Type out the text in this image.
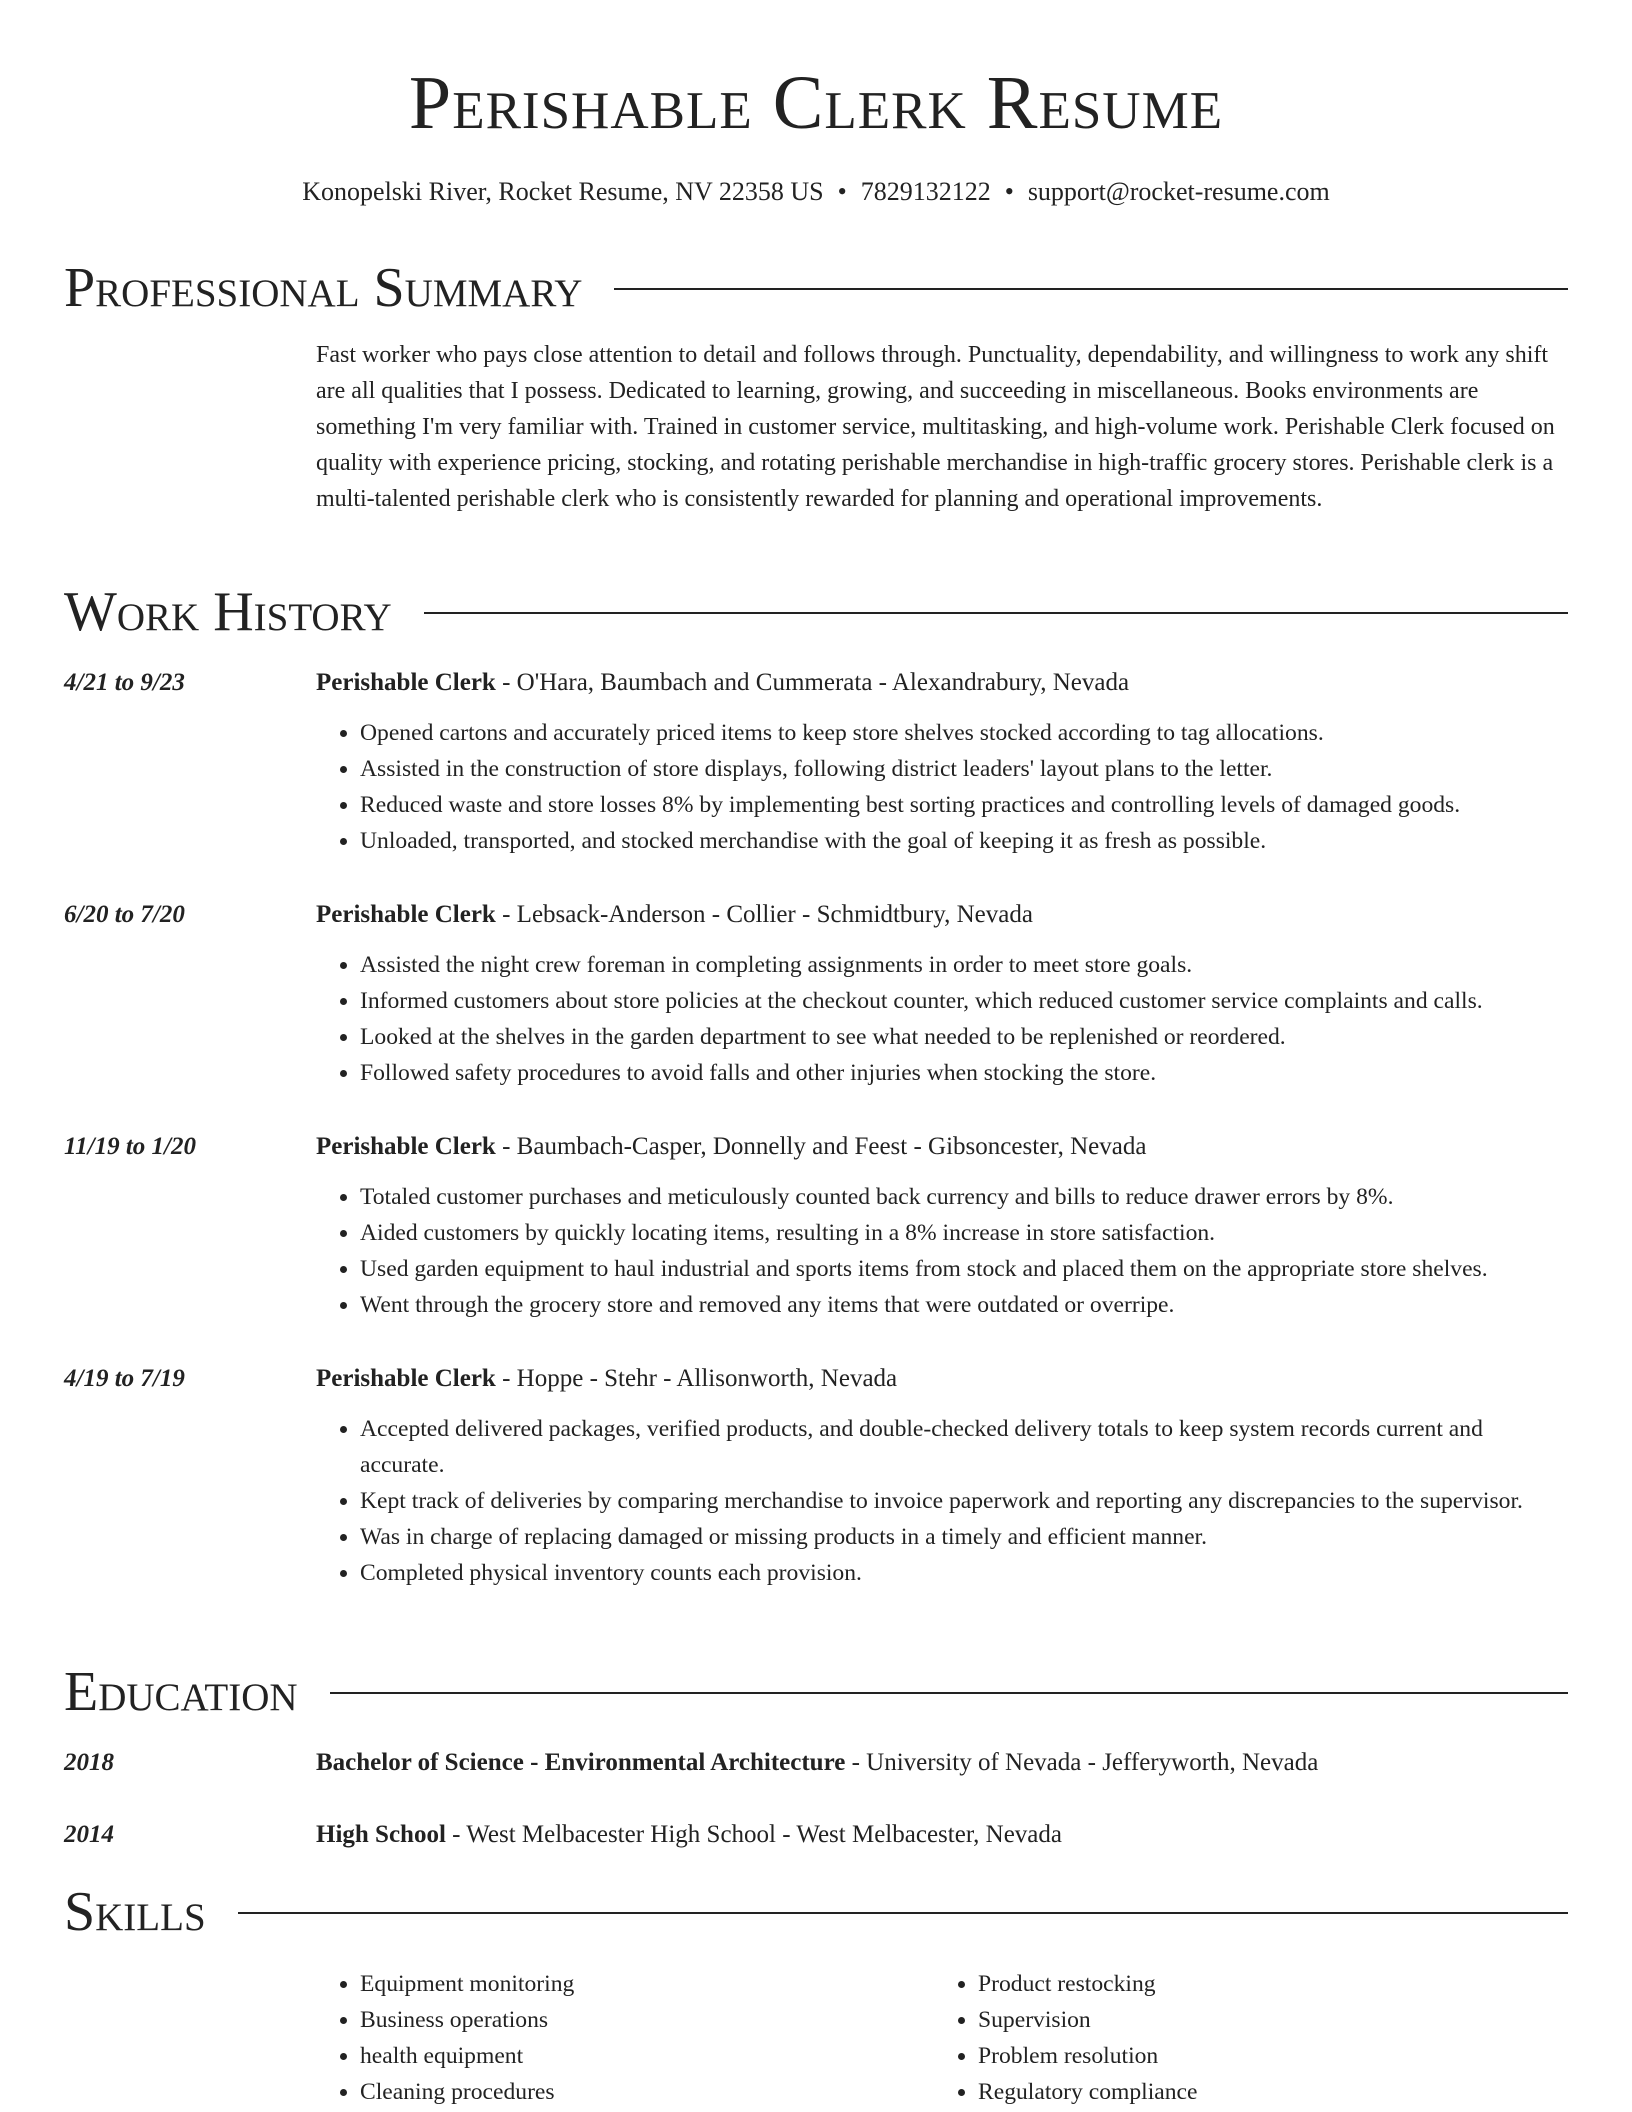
Perishable Clerk Resume
Konopelski River, Rocket Resume, NV 22358 US • 7829132122 • support@rocket-resume.com
Professional Summary

Fast worker who pays close attention to detail and follows through. Punctuality, dependability, and willingness to work any shift are all qualities that I possess. Dedicated to learning, growing, and succeeding in miscellaneous. Books environments are something I'm very familiar with. Trained in customer service, multitasking, and high-volume work. Perishable Clerk focused on quality with experience pricing, stocking, and rotating perishable merchandise in high-traffic grocery stores. Perishable clerk is a multi-talented perishable clerk who is consistently rewarded for planning and operational improvements.

Work History
4/21 to 9/23	Perishable Clerk - O'Hara, Baumbach and Cummerata - Alexandrabury, Nevada
• Opened cartons and accurately priced items to keep store shelves stocked according to tag allocations.
• Assisted in the construction of store displays, following district leaders' layout plans to the letter.
• Reduced waste and store losses 8% by implementing best sorting practices and controlling levels of damaged goods.
• Unloaded, transported, and stocked merchandise with the goal of keeping it as fresh as possible.
6/20 to 7/20	Perishable Clerk - Lebsack-Anderson - Collier - Schmidtbury, Nevada
• Assisted the night crew foreman in completing assignments in order to meet store goals.
• Informed customers about store policies at the checkout counter, which reduced customer service complaints and calls.
• Looked at the shelves in the garden department to see what needed to be replenished or reordered.
• Followed safety procedures to avoid falls and other injuries when stocking the store.
11/19 to 1/20	Perishable Clerk - Baumbach-Casper, Donnelly and Feest - Gibsoncester, Nevada
• Totaled customer purchases and meticulously counted back currency and bills to reduce drawer errors by 8%.
• Aided customers by quickly locating items, resulting in a 8% increase in store satisfaction.
• Used garden equipment to haul industrial and sports items from stock and placed them on the appropriate store shelves.
• Went through the grocery store and removed any items that were outdated or overripe.
4/19 to 7/19	Perishable Clerk - Hoppe - Stehr - Allisonworth, Nevada
• Accepted delivered packages, verified products, and double-checked delivery totals to keep system records current and accurate.
• Kept track of deliveries by comparing merchandise to invoice paperwork and reporting any discrepancies to the supervisor.
• Was in charge of replacing damaged or missing products in a timely and efficient manner.
• Completed physical inventory counts each provision.
Education
2018	Bachelor of Science - Environmental Architecture - University of Nevada - Jefferyworth, Nevada
2014	High School - West Melbacester High School - West Melbacester, Nevada
Skills
• Equipment monitoring
• Business operations
• health equipment
• Cleaning procedures
• Product restocking
• Supervision
• Problem resolution
• Regulatory compliance
